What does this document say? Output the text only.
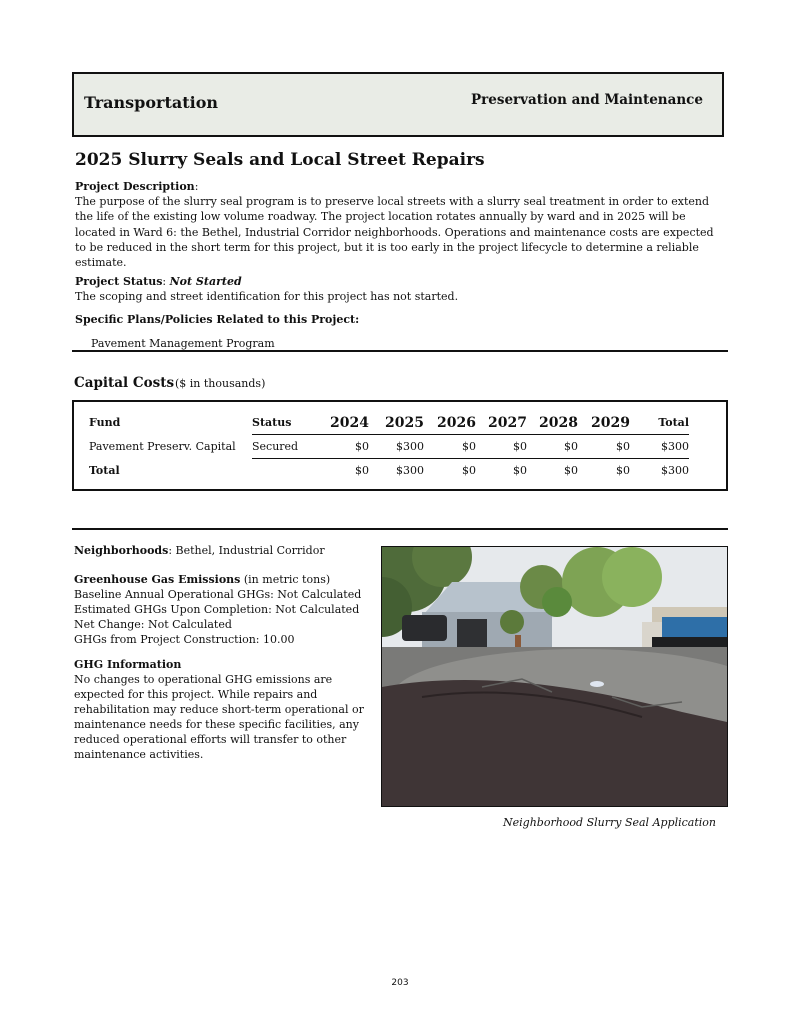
Transportation	Preservation and Maintenance
2025 Slurry Seals and Local Street Repairs
Project Description:
The purpose of the slurry seal program is to preserve local streets with a slurry seal treatment in order to extend the life of the existing low volume roadway. The project location rotates annually by ward and in 2025 will be located in Ward 6: the Bethel, Industrial Corridor neighborhoods. Operations and maintenance costs are expected to be reduced in the short term for this project, but it is too early in the project lifecycle to determine a reliable estimate.
Project Status: Not Started
The scoping and street identification for this project has not started.
Specific Plans/Policies Related to this Project:
Pavement Management Program
Capital Costs ($ in thousands)
Fund	Status	2024	2025	2026	2027	2028	2029	Total
Pavement Preserv. Capital	Secured	$0	$300	$0	$0	$0	$0	$300
Total		$0	$300	$0	$0	$0	$0	$300
Neighborhoods: Bethel, Industrial Corridor
Greenhouse Gas Emissions (in metric tons)
Baseline Annual Operational GHGs: Not Calculated
Estimated GHGs Upon Completion: Not Calculated
Net Change: Not Calculated
GHGs from Project Construction: 10.00
GHG Information
No changes to operational GHG emissions are expected for this project. While repairs and rehabilitation may reduce short-term operational or maintenance needs for these specific facilities, any reduced operational efforts will transfer to other maintenance activities.
Neighborhood Slurry Seal Application
203
